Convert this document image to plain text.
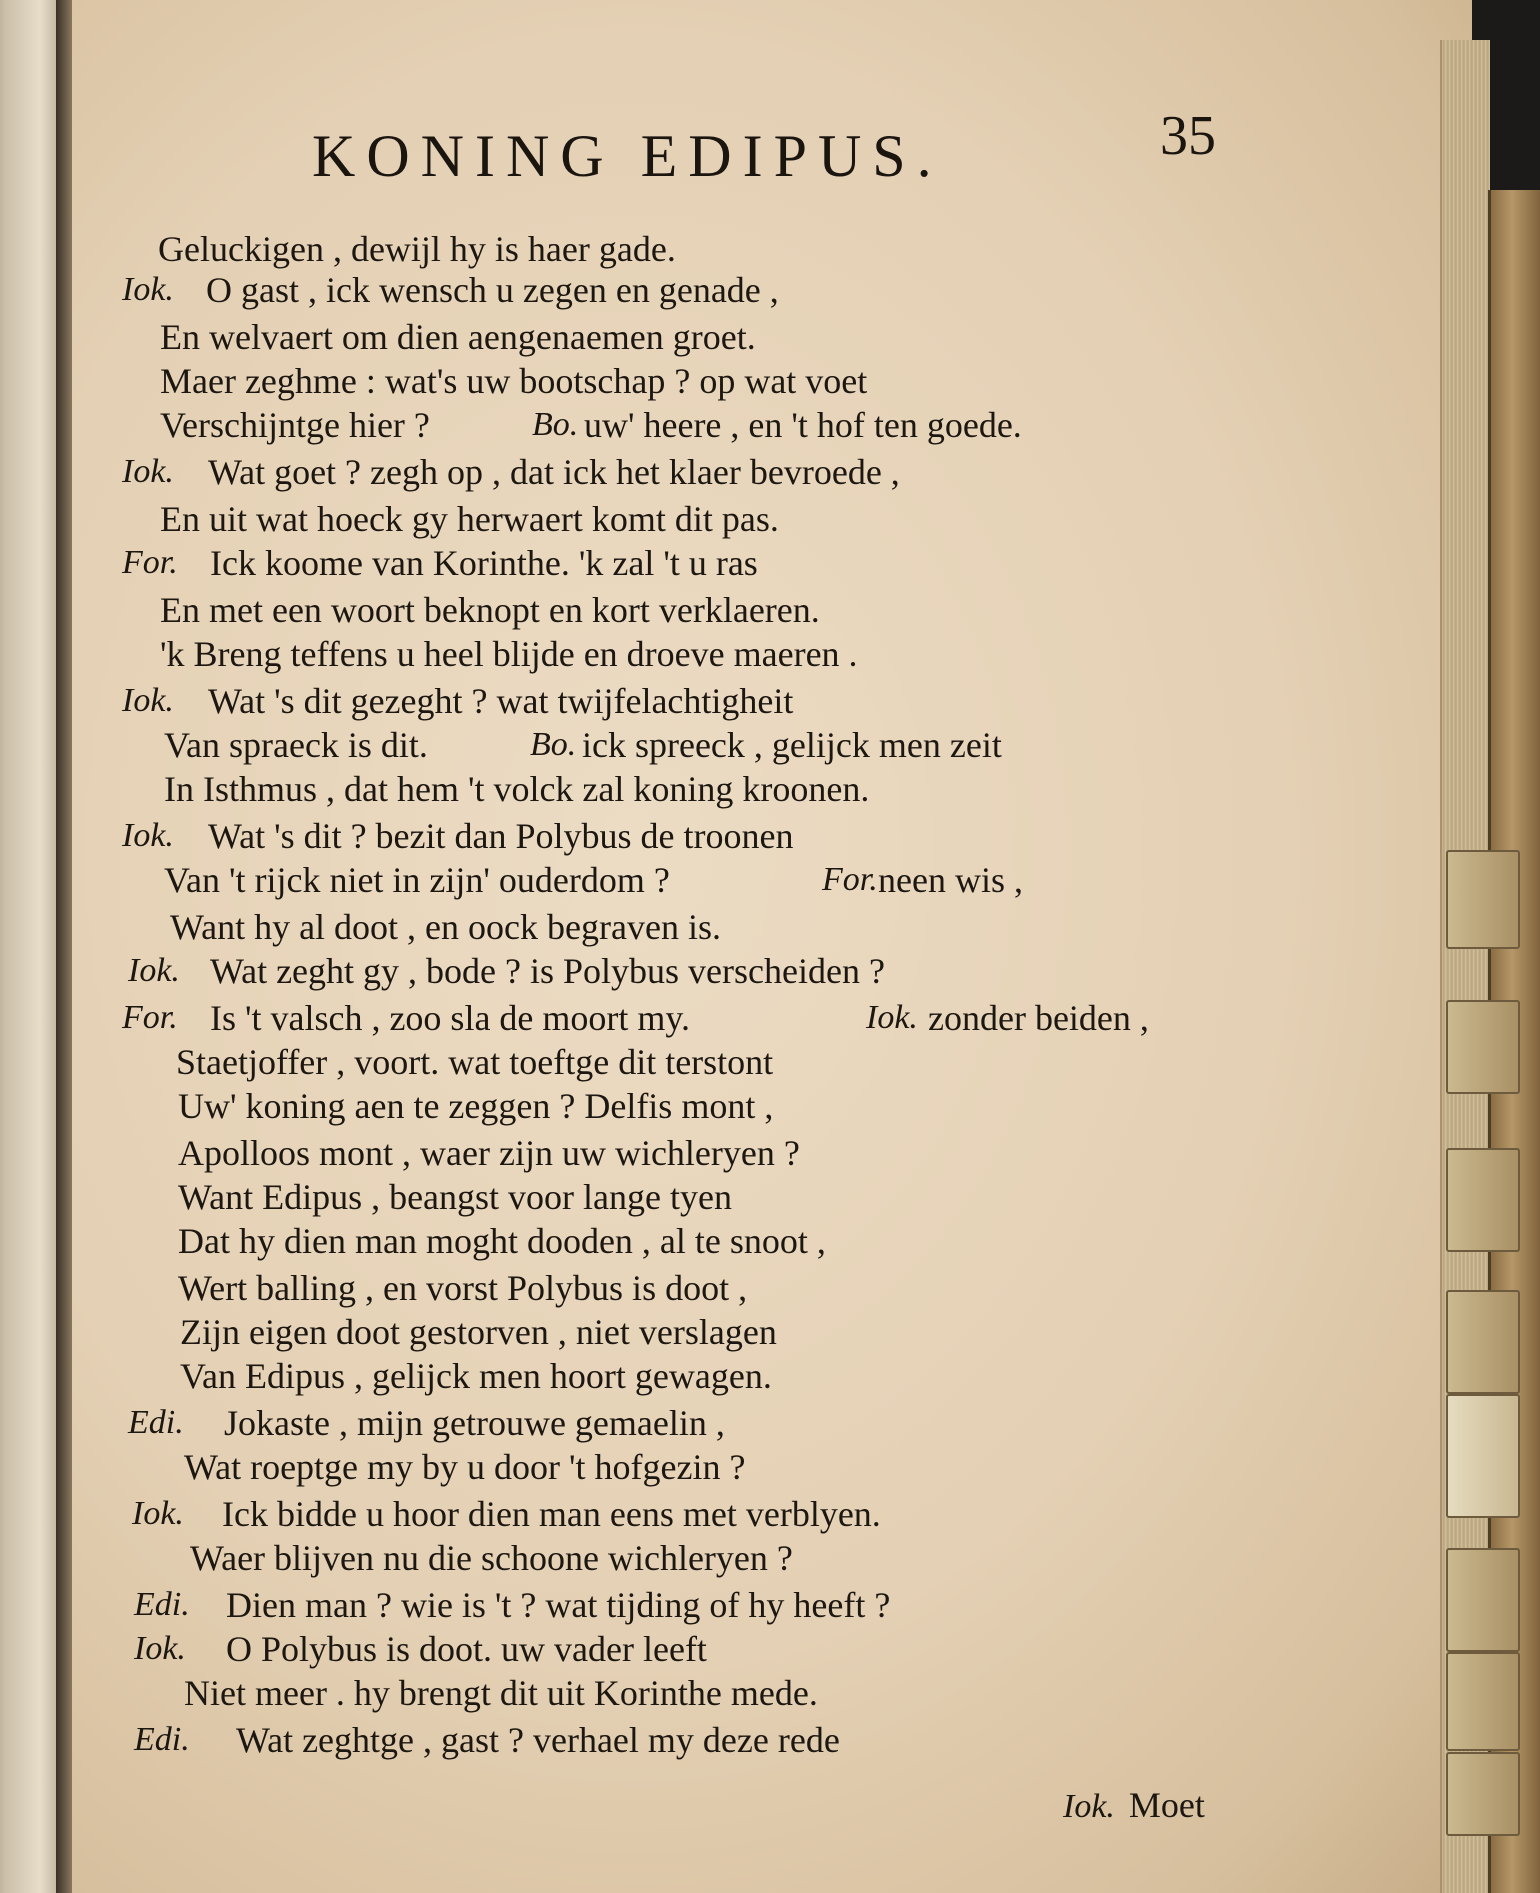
KONING EDIPUS.	35
Geluckigen , dewijl hy is haer gade.
Iok. O gast , ick wensch u zegen en genade ,
En welvaert om dien aengenaemen groet.
Maer zeghme : wat's uw bootschap ? op wat voet
Verschijntge hier ?	Bo. uw' heere , en 't hof ten goede.
Iok. Wat goet ? zegh op , dat ick het klaer bevroede ,
En uit wat hoeck gy herwaert komt dit pas.
For. Ick koome van Korinthe. 'k zal 't u ras
En met een woort beknopt en kort verklaeren.
'k Breng teffens u heel blijde en droeve maeren .
Iok. Wat 's dit gezeght ? wat twijfelachtigheit
Van spraeck is dit.	Bo. ick spreeck , gelijck men zeit
In Isthmus , dat hem 't volck zal koning kroonen.
Iok. Wat 's dit ? bezit dan Polybus de troonen
Van 't rijck niet in zijn' ouderdom ?	For. neen wis ,
Want hy al doot , en oock begraven is.
Iok. Wat zeght gy , bode ? is Polybus verscheiden ?
For. Is 't valsch , zoo sla de moort my.	Iok. zonder beiden ,
Staetjoffer , voort. wat toeftge dit terstont
Uw' koning aen te zeggen ? Delfis mont ,
Apolloos mont , waer zijn uw wichleryen ?
Want Edipus , beangst voor lange tyen
Dat hy dien man moght dooden , al te snoot ,
Wert balling , en vorst Polybus is doot ,
Zijn eigen doot gestorven , niet verslagen
Van Edipus , gelijck men hoort gewagen.
Edi. Jokaste , mijn getrouwe gemaelin ,
Wat roeptge my by u door 't hofgezin ?
Iok. Ick bidde u hoor dien man eens met verblyen.
Waer blijven nu die schoone wichleryen ?
Edi. Dien man ? wie is 't ? wat tijding of hy heeft ?
Iok. O Polybus is doot. uw vader leeft
Niet meer . hy brengt dit uit Korinthe mede.
Edi. Wat zeghtge , gast ? verhael my deze rede
Iok. Moet
